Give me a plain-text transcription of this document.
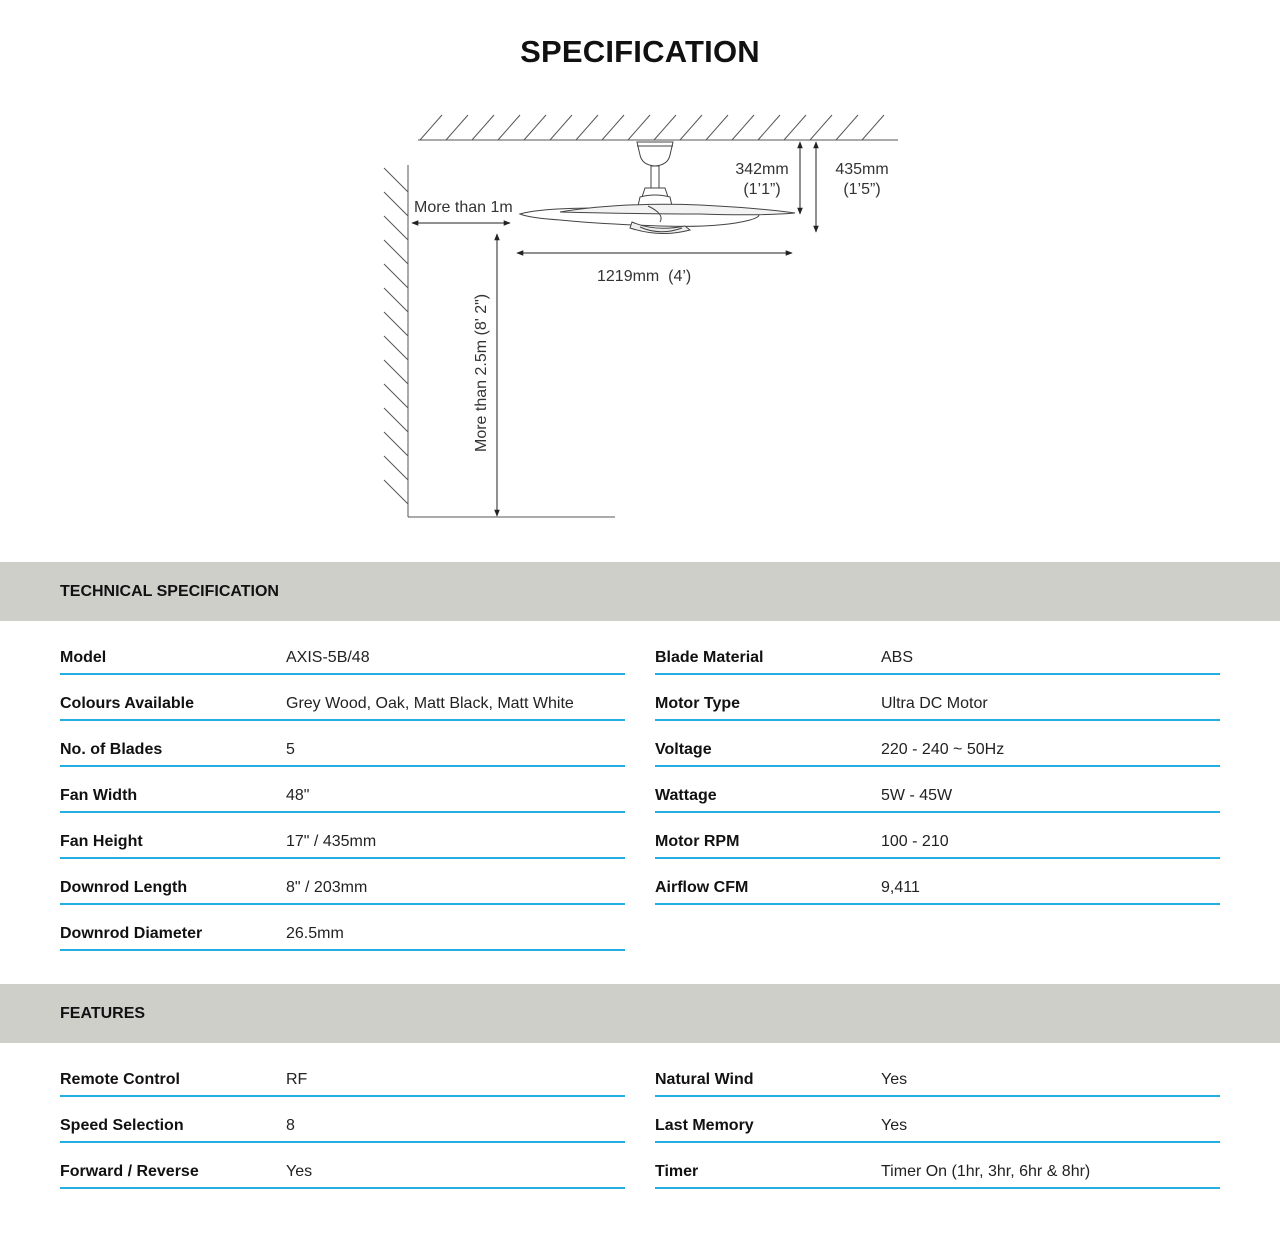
SPECIFICATION
More than 1m
More than 2.5m (8' 2")
1219mm  (4’)
342mm
(1’1”)
435mm
(1’5”)
TECHNICAL SPECIFICATION
Model	AXIS-5B/48
Colours Available	Grey Wood, Oak, Matt Black, Matt White
No. of Blades	5
Fan Width	48"
Fan Height	17" / 435mm
Downrod Length	8" / 203mm
Downrod Diameter	26.5mm
Blade Material	ABS
Motor Type	Ultra DC Motor
Voltage	220 - 240 ~ 50Hz
Wattage	5W - 45W
Motor RPM	100 - 210
Airflow CFM	9,411
FEATURES
Remote Control	RF
Speed Selection	8
Forward / Reverse	Yes
Natural Wind	Yes
Last Memory	Yes
Timer	Timer On (1hr, 3hr, 6hr & 8hr)
